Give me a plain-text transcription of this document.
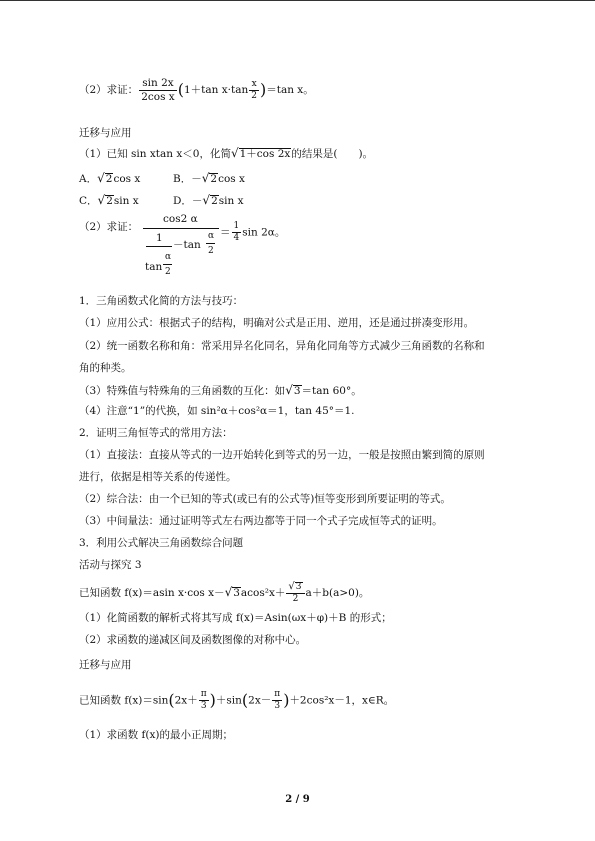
（2）求证： $\frac{\sin 2x}{\text{2cos x}} (1+\tan$ $x\cdot\tan \frac{x}{2} )=\tan$ x。
迁移与应用
（1）已知 sin xtan x＜0，化简√1＋cos 2x的结果是(　　)。
A．√2cos x	B．－√2cos x
C．√2sin x	D．－√2sin x
（2）求证：
cos2 α
1
tan
α
2
－tan
α
2
＝ $\frac{1}{4}$ sin 2α。
1．三角函数式化简的方法与技巧：
（1）应用公式：根据式子的结构，明确对公式是正用、逆用，还是通过拼凑变形用。
（2）统一函数名称和角：常采用异名化同名，异角化同角等方式减少三角函数的名称和
角的种类。
（3）特殊值与特殊角的三角函数的互化：如√3＝tan 60°。
（4）注意“1”的代换，如 sin²α＋cos²α＝1，tan 45°＝1.
2．证明三角恒等式的常用方法：
（1）直接法：直接从等式的一边开始转化到等式的另一边，一般是按照由繁到简的原则
进行，依据是相等关系的传递性。
（2）综合法：由一个已知的等式(或已有的公式等)恒等变形到所要证明的等式。
（3）中间量法：通过证明等式左右两边都等于同一个式子完成恒等式的证明。
3．利用公式解决三角函数综合问题
活动与探究 3
已知函数 f(x)＝asin x·cos $x-√3acos^2x+ \frac{√3}{2} a+b(a>0)$。
（1）化简函数的解析式将其写成 f(x)＝Asin(ωx＋φ)＋B 的形式；
（2）求函数的递减区间及函数图像的对称中心。
迁移与应用
已知函数 $f(x)=\sin(2x+ \frac{\pi}{3} )+\sin(2x- \frac{\pi}{3} )+2\cos^2x-1$，x∈R。
（1）求函数 f(x)的最小正周期；
2 / 9
